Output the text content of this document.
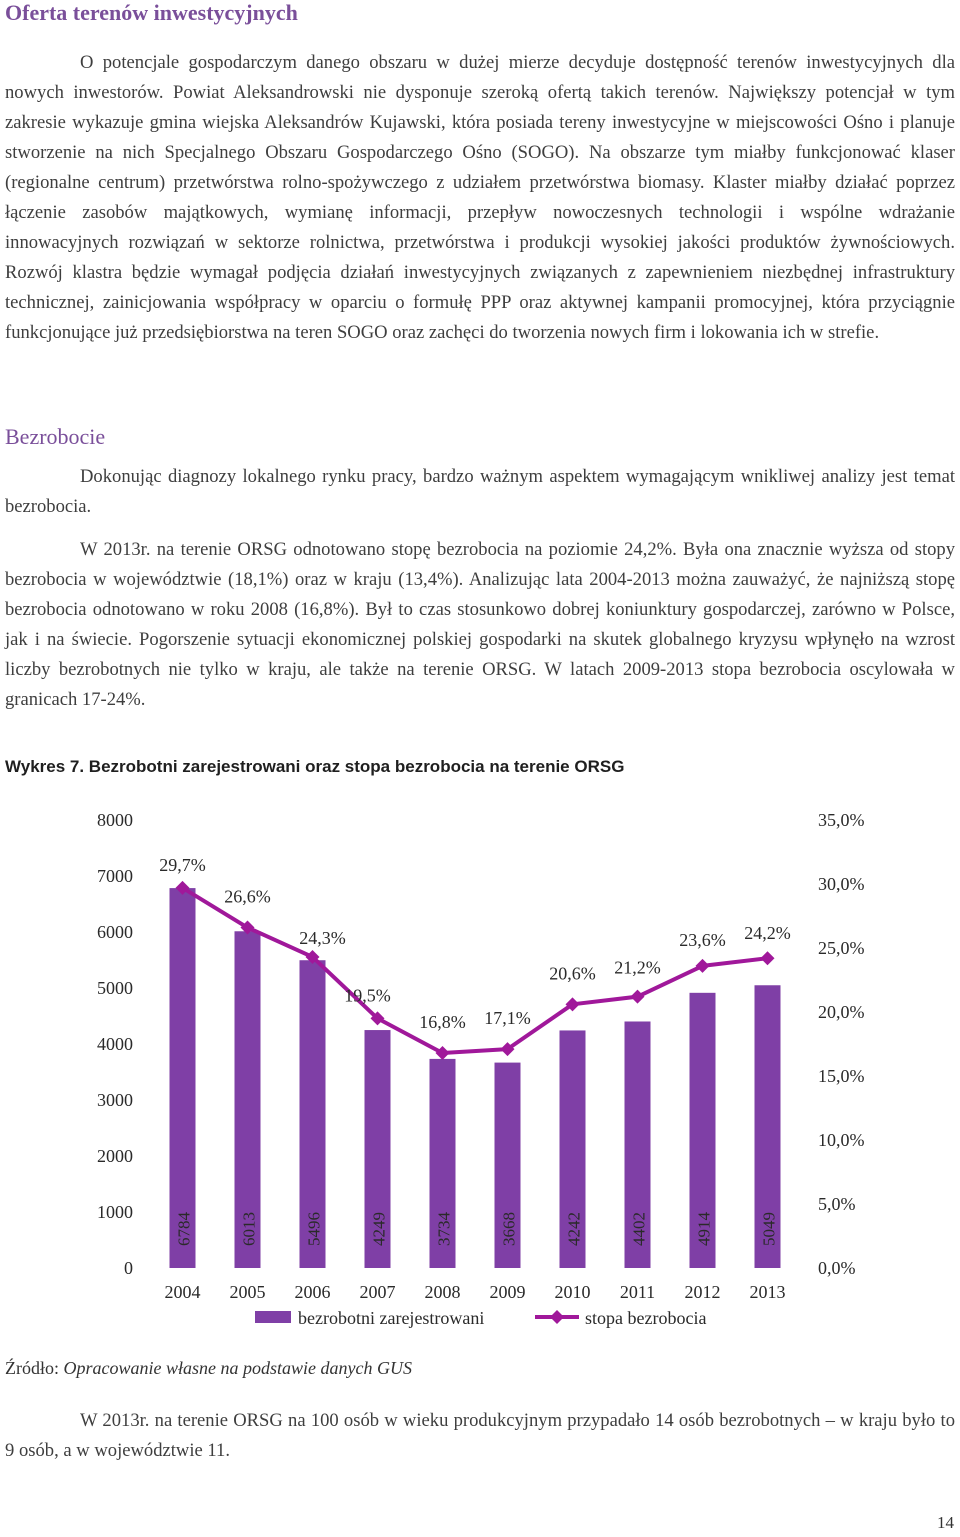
Oferta terenów inwestycyjnych

O potencjale gospodarczym danego obszaru w dużej mierze decyduje dostępność terenów inwestycyjnych dla nowych inwestorów. Powiat Aleksandrowski nie dysponuje szeroką ofertą takich terenów. Największy potencjał w tym zakresie wykazuje gmina wiejska Aleksandrów Kujawski, która posiada tereny inwestycyjne w miejscowości Ośno i planuje stworzenie na nich Specjalnego Obszaru Gospodarczego Ośno (SOGO). Na obszarze tym miałby funkcjonować klaser (regionalne centrum) przetwórstwa rolno-spożywczego z udziałem przetwórstwa biomasy. Klaster miałby działać poprzez łączenie zasobów majątkowych, wymianę informacji, przepływ nowoczesnych technologii i wspólne wdrażanie innowacyjnych rozwiązań w sektorze rolnictwa, przetwórstwa i produkcji wysokiej jakości produktów żywnościowych. Rozwój klastra będzie wymagał podjęcia działań inwestycyjnych związanych z zapewnieniem niezbędnej infrastruktury technicznej, zainicjowania współpracy w oparciu o formułę PPP oraz aktywnej kampanii promocyjnej, która przyciągnie funkcjonujące już przedsiębiorstwa na teren SOGO oraz zachęci do tworzenia nowych firm i lokowania ich w strefie.

Bezrobocie

Dokonując diagnozy lokalnego rynku pracy, bardzo ważnym aspektem wymagającym wnikliwej analizy jest temat bezrobocia.

W 2013r. na terenie ORSG odnotowano stopę bezrobocia na poziomie 24,2%. Była ona znacznie wyższa od stopy bezrobocia w województwie (18,1%) oraz w kraju (13,4%). Analizując lata 2004-2013 można zauważyć, że najniższą stopę bezrobocia odnotowano w roku 2008 (16,8%). Był to czas stosunkowo dobrej koniunktury gospodarczej, zarówno w Polsce, jak i na świecie. Pogorszenie sytuacji ekonomicznej polskiej gospodarki na skutek globalnego kryzysu wpłynęło na wzrost liczby bezrobotnych nie tylko w kraju, ale także na terenie ORSG. W latach 2009-2013 stopa bezrobocia oscylowała w granicach 17-24%.

Wykres 7. Bezrobotni zarejestrowani oraz stopa bezrobocia na terenie ORSG

0
1000
2000
3000
4000
5000
6000
7000
8000
0,0%
5,0%
10,0%
15,0%
20,0%
25,0%
30,0%
35,0%
6784	6013	5496	4249	3734	3668	4242	4402	4914	5049
29,7%
26,6%
24,3%
19,5%
16,8% 17,1%
20,6% 21,2%
23,6% 24,2%
2004 2005 2006 2007 2008 2009 2010 2011 2012 2013
bezrobotni zarejestrowani	stopa bezrobocia

Źródło: Opracowanie własne na podstawie danych GUS

W 2013r. na terenie ORSG na 100 osób w wieku produkcyjnym przypadało 14 osób bezrobotnych – w kraju było to 9 osób, a w województwie 11.

14
